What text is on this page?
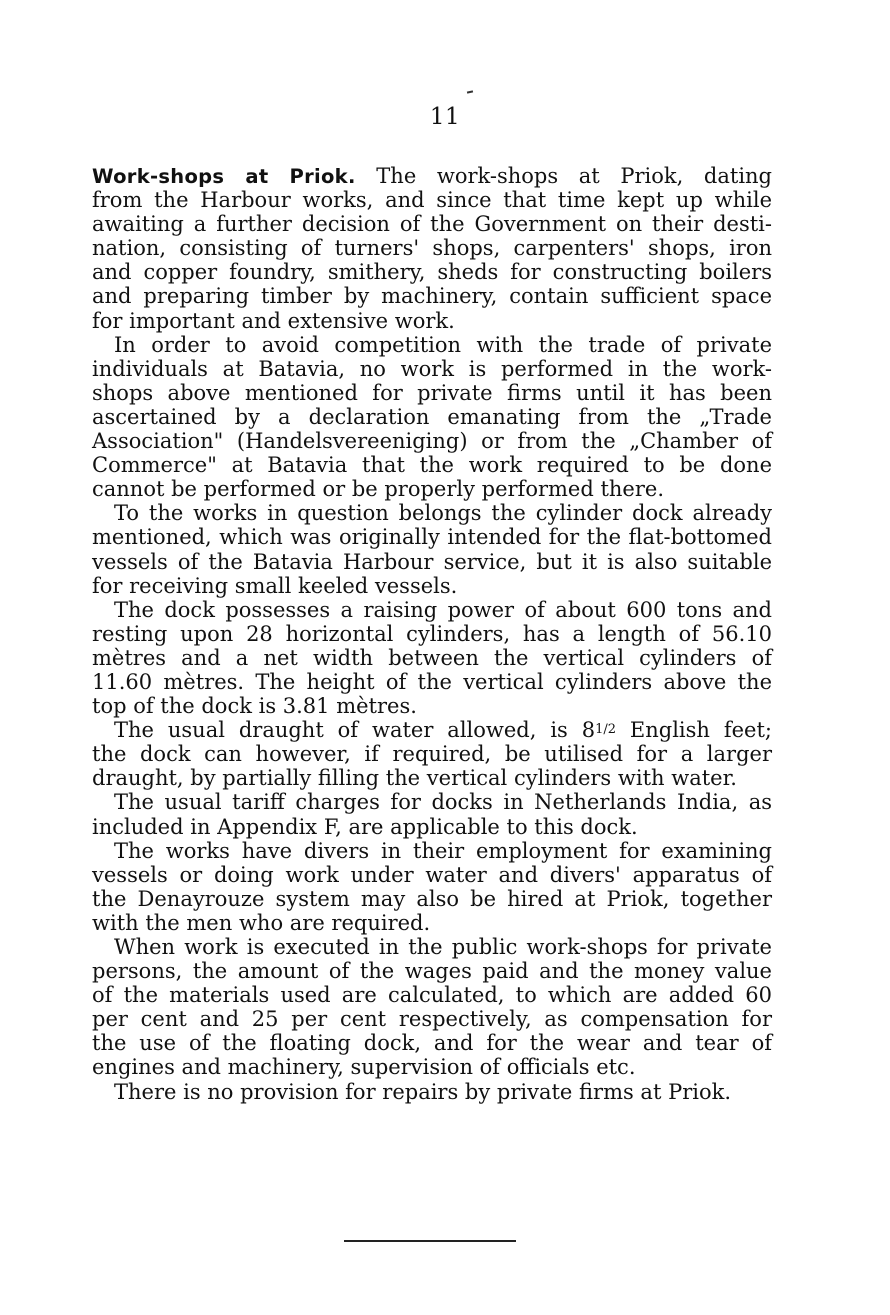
11
Work-shops at Priok. The work-shops at Priok, dating
from the Harbour works, and since that time kept up while
awaiting a further decision of the Government on their desti-
nation, consisting of turners' shops, carpenters' shops, iron
and copper foundry, smithery, sheds for constructing boilers
and preparing timber by machinery, contain sufficient space
for important and extensive work.
In order to avoid competition with the trade of private
individuals at Batavia, no work is performed in the work-
shops above mentioned for private firms until it has been
ascertained by a declaration emanating from the „Trade
Association" (Handelsvereeniging) or from the „Chamber of
Commerce" at Batavia that the work required to be done
cannot be performed or be properly performed there.
To the works in question belongs the cylinder dock already
mentioned, which was originally intended for the flat-bottomed
vessels of the Batavia Harbour service, but it is also suitable
for receiving small keeled vessels.
The dock possesses a raising power of about 600 tons and
resting upon 28 horizontal cylinders, has a length of 56.10
mètres and a net width between the vertical cylinders of
11.60 mètres. The height of the vertical cylinders above the
top of the dock is 3.81 mètres.
The usual draught of water allowed, is 81/2 English feet;
the dock can however, if required, be utilised for a larger
draught, by partially filling the vertical cylinders with water.
The usual tariff charges for docks in Netherlands India, as
included in Appendix F, are applicable to this dock.
The works have divers in their employment for examining
vessels or doing work under water and divers' apparatus of
the Denayrouze system may also be hired at Priok, together
with the men who are required.
When work is executed in the public work-shops for private
persons, the amount of the wages paid and the money value
of the materials used are calculated, to which are added 60
per cent and 25 per cent respectively, as compensation for
the use of the floating dock, and for the wear and tear of
engines and machinery, supervision of officials etc.
There is no provision for repairs by private firms at Priok.
